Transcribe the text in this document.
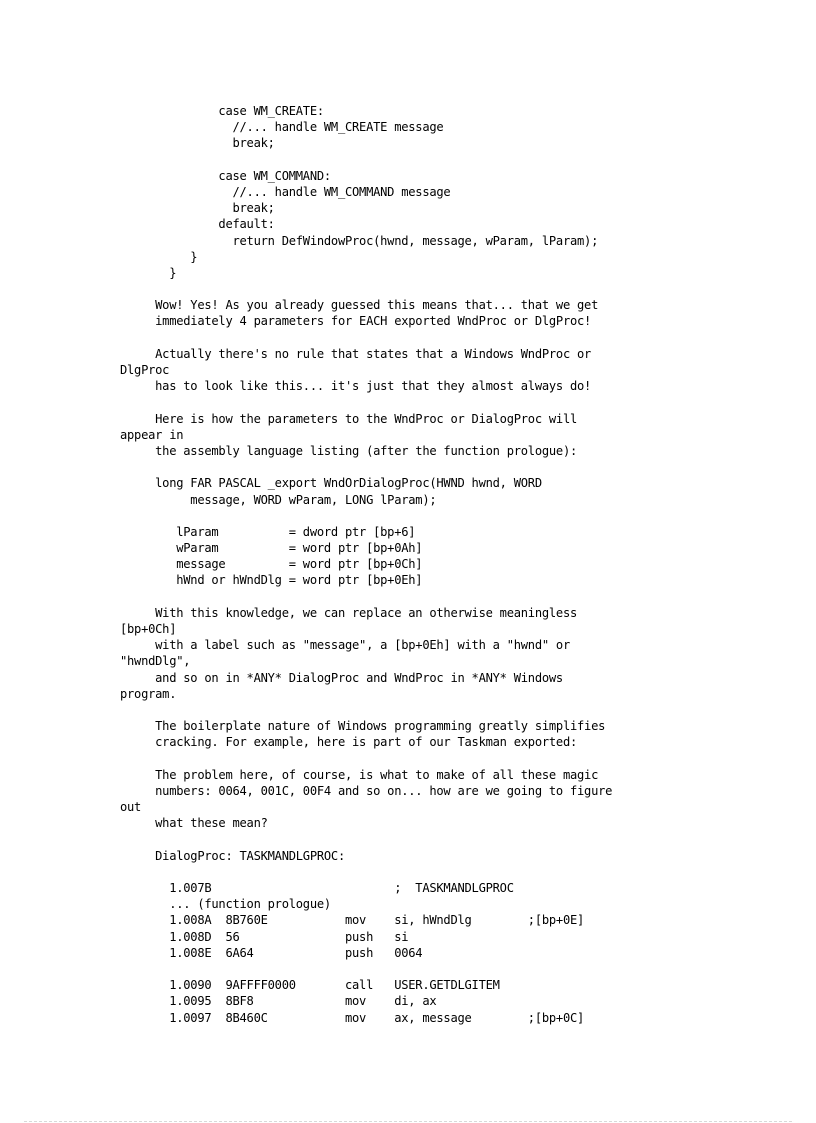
case WM_CREATE:
//... handle WM_CREATE message
break;
case WM_COMMAND:
//... handle WM_COMMAND message
break;
default:
return DefWindowProc(hwnd, message, wParam, lParam);
}
}
Wow! Yes! As you already guessed this means that... that we get
immediately 4 parameters for EACH exported WndProc or DlgProc!
Actually there's no rule that states that a Windows WndProc or
DlgProc
has to look like this... it's just that they almost always do!
Here is how the parameters to the WndProc or DialogProc will
appear in
the assembly language listing (after the function prologue):
long FAR PASCAL _export WndOrDialogProc(HWND hwnd, WORD
message, WORD wParam, LONG lParam);
lParam          = dword ptr [bp+6]
wParam          = word ptr [bp+0Ah]
message         = word ptr [bp+0Ch]
hWnd or hWndDlg = word ptr [bp+0Eh]
With this knowledge, we can replace an otherwise meaningless
[bp+0Ch]
with a label such as "message", a [bp+0Eh] with a "hwnd" or
"hwndDlg",
and so on in *ANY* DialogProc and WndProc in *ANY* Windows
program.
The boilerplate nature of Windows programming greatly simplifies
cracking. For example, here is part of our Taskman exported:
The problem here, of course, is what to make of all these magic
numbers: 0064, 001C, 00F4 and so on... how are we going to figure
out
what these mean?
DialogProc: TASKMANDLGPROC:
1.007B                          ;  TASKMANDLGPROC
... (function prologue)
1.008A  8B760E           mov    si, hWndDlg        ;[bp+0E]
1.008D  56               push   si
1.008E  6A64             push   0064
1.0090  9AFFFF0000       call   USER.GETDLGITEM
1.0095  8BF8             mov    di, ax
1.0097  8B460C           mov    ax, message        ;[bp+0C]
